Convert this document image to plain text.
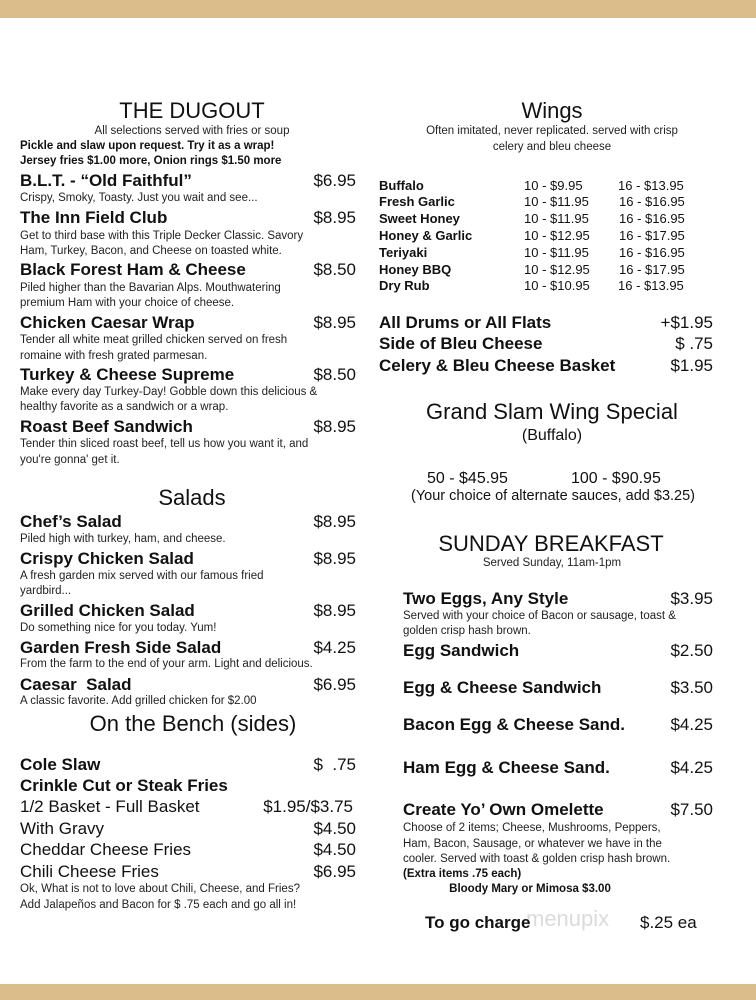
THE DUGOUT
All selections served with fries or soup
Pickle and slaw upon request. Try it as a wrap!
Jersey fries $1.00 more, Onion rings $1.50 more
B.L.T. - “Old Faithful”	$6.95
Crispy, Smoky, Toasty. Just you wait and see...
The Inn Field Club	$8.95
Get to third base with this Triple Decker Classic. Savory
Ham, Turkey, Bacon, and Cheese on toasted white.
Black Forest Ham & Cheese	$8.50
Piled higher than the Bavarian Alps. Mouthwatering
premium Ham with your choice of cheese.
Chicken Caesar Wrap	$8.95
Tender all white meat grilled chicken served on fresh
romaine with fresh grated parmesan.
Turkey & Cheese Supreme	$8.50
Make every day Turkey-Day! Gobble down this delicious &
healthy favorite as a sandwich or a wrap.
Roast Beef Sandwich	$8.95
Tender thin sliced roast beef, tell us how you want it, and
you're gonna' get it.
Salads
Chef’s Salad	$8.95
Piled high with turkey, ham, and cheese.
Crispy Chicken Salad	$8.95
A fresh garden mix served with our famous fried
yardbird...
Grilled Chicken Salad	$8.95
Do something nice for you today. Yum!
Garden Fresh Side Salad	$4.25
From the farm to the end of your arm. Light and delicious.
Caesar  Salad	$6.95
A classic favorite. Add grilled chicken for $2.00
On the Bench (sides)
Cole Slaw	$  .75
Crinkle Cut or Steak Fries
1/2 Basket - Full Basket	$1.95/$3.75
With Gravy	$4.50
Cheddar Cheese Fries	$4.50
Chili Cheese Fries	$6.95
Ok, What is not to love about Chili, Cheese, and Fries?
Add Jalapeños and Bacon for $ .75 each and go all in!
Wings
Often imitated, never replicated. served with crisp
celery and bleu cheese
Buffalo	10 - $9.95	16 - $13.95
Fresh Garlic	10 - $11.95 16 - $16.95
Sweet Honey	10 - $11.95 16 - $16.95
Honey & Garlic	10 - $12.95 16 - $17.95
Teriyaki	10 - $11.95 16 - $16.95
Honey BBQ	10 - $12.95 16 - $17.95
Dry Rub	10 - $10.95 16 - $13.95
All Drums or All Flats	+$1.95
Side of Bleu Cheese	$ .75
Celery & Bleu Cheese Basket	$1.95
Grand Slam Wing Special
(Buffalo)
50 - $45.95	100 - $90.95
(Your choice of alternate sauces, add $3.25)
SUNDAY BREAKFAST
Served Sunday, 11am-1pm
Two Eggs, Any Style	$3.95
Served with your choice of Bacon or sausage, toast &
golden crisp hash brown.
Egg Sandwich	$2.50
Egg & Cheese Sandwich	$3.50
Bacon Egg & Cheese Sand.	$4.25
Ham Egg & Cheese Sand.	$4.25
Create Yo’ Own Omelette	$7.50
Choose of 2 items; Cheese, Mushrooms, Peppers,
Ham, Bacon, Sausage, or whatever we have in the
cooler. Served with toast & golden crisp hash brown.
(Extra items .75 each)
Bloody Mary or Mimosa $3.00
menupix
To go charge	$.25 ea
